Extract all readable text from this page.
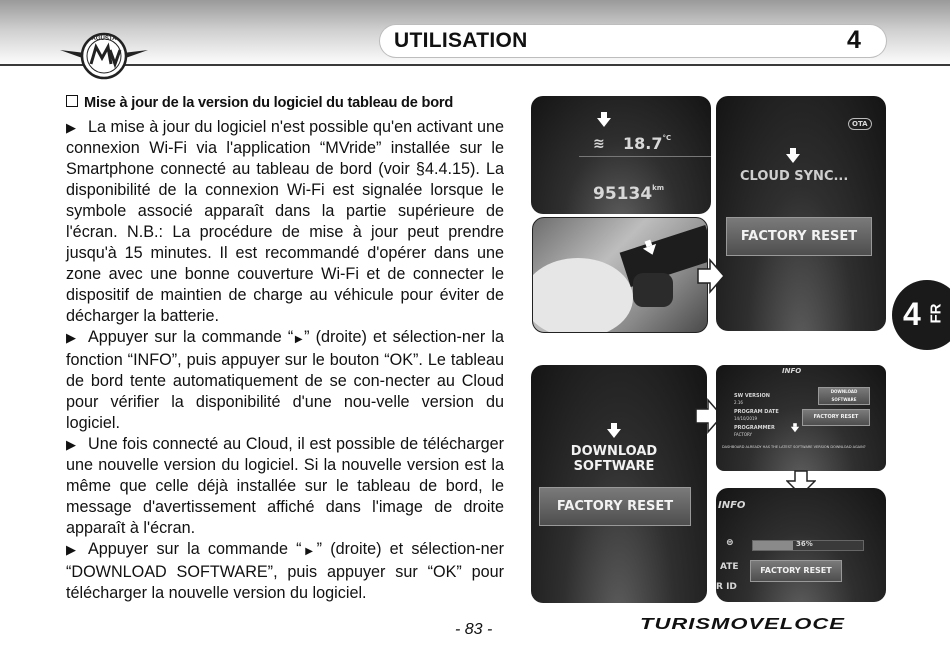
AGUSTA	UTILISATION	4
4 FR
Mise à jour de la version du logiciel du tableau de bord

▶ La mise à jour du logiciel n'est possible qu'en activant une connexion Wi-Fi via l'application “MVride” installée sur le Smartphone connecté au tableau de bord (voir §4.4.15). La disponibilité de la connexion Wi-Fi est signalée lorsque le symbole associé apparaît dans la partie supérieure de l'écran. N.B.: La procédure de mise à jour peut prendre jusqu'à 15 minutes. Il est recommandé d'opérer dans une zone avec une bonne couverture Wi-Fi et de connecter le dispositif de maintien de charge au véhicule pour éviter de décharger la batterie.

▶ Appuyer sur la commande “▶” (droite) et sélection-ner la fonction “INFO”, puis appuyer sur le bouton “OK”. Le tableau de bord tente automatiquement de se con-necter au Cloud pour vérifier la disponibilité d'une nou-velle version du logiciel.

▶ Une fois connecté au Cloud, il est possible de télécharger une nouvelle version du logiciel. Si la nouvelle version est la même que celle déjà installée sur le tableau de bord, le message d'avertissement affiché dans l'image de droite apparaît à l'écran.

▶ Appuyer sur la commande “▶” (droite) et sélection-ner “DOWNLOAD SOFTWARE”, puis appuyer sur “OK” pour télécharger la nouvelle version du logiciel.

≋ $18.7^{^\circ C}$
$95134^{km}$
OTA
CLOUD SYNC...
FACTORY RESET
DOWNLOAD
SOFTWARE
FACTORY RESET
INFO
SW VERSION
2.16
PROGRAM DATE
14/10/2019
PROGRAMMER
FACTORY
DOWNLOAD SOFTWARE
FACTORY RESET
DASHBOARD ALREADY HAS THE LATEST SOFTWARE VERSION DOWNLOAD AGAIN?
INFO
⊜	36%
ATE
R ID
FACTORY RESET
- 83 -	TURISMOVELOCE
